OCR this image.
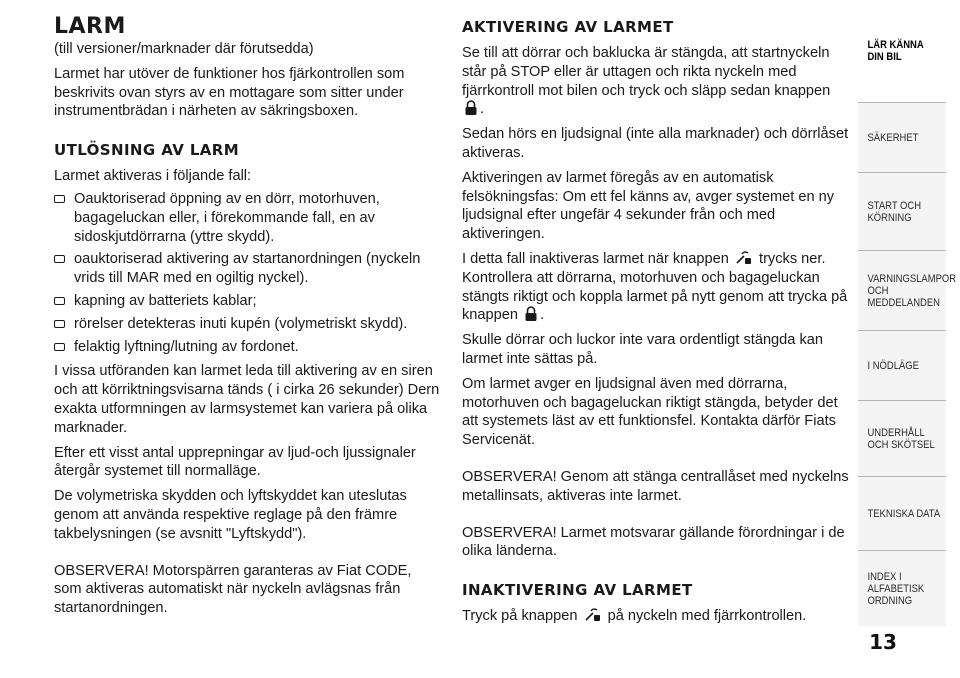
LARM

(till versioner/marknader där förutsedda)

Larmet har utöver de funktioner hos fjärkontrollen som beskrivits ovan styrs av en mottagare som sitter under instrumentbrädan i närheten av säkringsboxen.

UTLÖSNING AV LARM

Larmet aktiveras i följande fall:

Oauktoriserad öppning av en dörr, motorhuven, bagageluckan eller, i förekommande fall, en av sidoskjutdörrarna (yttre skydd).
oauktoriserad aktivering av startanordningen (nyckeln vrids till MAR med en ogiltig nyckel).
kapning av batteriets kablar;
rörelser detekteras inuti kupén (volymetriskt skydd).
felaktig lyftning/lutning av fordonet.

I vissa utföranden kan larmet leda till aktivering av en siren och att körriktningsvisarna tänds ( i cirka 26 sekunder) Dern exakta utformningen av larmsystemet kan variera på olika marknader.

Efter ett visst antal upprepningar av ljud-och ljussignaler återgår systemet till normalläge.

De volymetriska skydden och lyftskyddet kan uteslutas genom att använda respektive reglage på den främre takbelysningen (se avsnitt "Lyftskydd").

OBSERVERA! Motorspärren garanteras av Fiat CODE, som aktiveras automatiskt när nyckeln avlägsnas från startanordningen.

AKTIVERING AV LARMET

Se till att dörrar och baklucka är stängda, att startnyckeln står på STOP eller är uttagen och rikta nyckeln med fjärrkontroll mot bilen och tryck och släpp sedan knappen
.

Sedan hörs en ljudsignal (inte alla marknader) och dörrlåset aktiveras.

Aktiveringen av larmet föregås av en automatisk felsökningsfas: Om ett fel känns av, avger systemet en ny ljudsignal efter ungefär 4 sekunder från och med aktiveringen.

I detta fall inaktiveras larmet när knappen trycks ner. Kontrollera att dörrarna, motorhuven och bagageluckan stängts riktigt och koppla larmet på nytt genom att trycka på knappen .

Skulle dörrar och luckor inte vara ordentligt stängda kan larmet inte sättas på.

Om larmet avger en ljudsignal även med dörrarna, motorhuven och bagageluckan riktigt stängda, betyder det att systemets läst av ett funktionsfel. Kontakta därför Fiats Servicenät.

OBSERVERA! Genom att stänga centrallåset med nyckelns metallinsats, aktiveras inte larmet.

OBSERVERA! Larmet motsvarar gällande förordningar i de olika länderna.

INAKTIVERING AV LARMET

Tryck på knappen på nyckeln med fjärrkontrollen.

LÄR KÄNNA DIN BIL
SÄKERHET
START OCH KÖRNING
VARNINGSLAMPOR OCH MEDDELANDEN
I NÖDLÄGE
UNDERHÅLL OCH SKÖTSEL
TEKNISKA DATA
INDEX I ALFABETISK ORDNING
13
